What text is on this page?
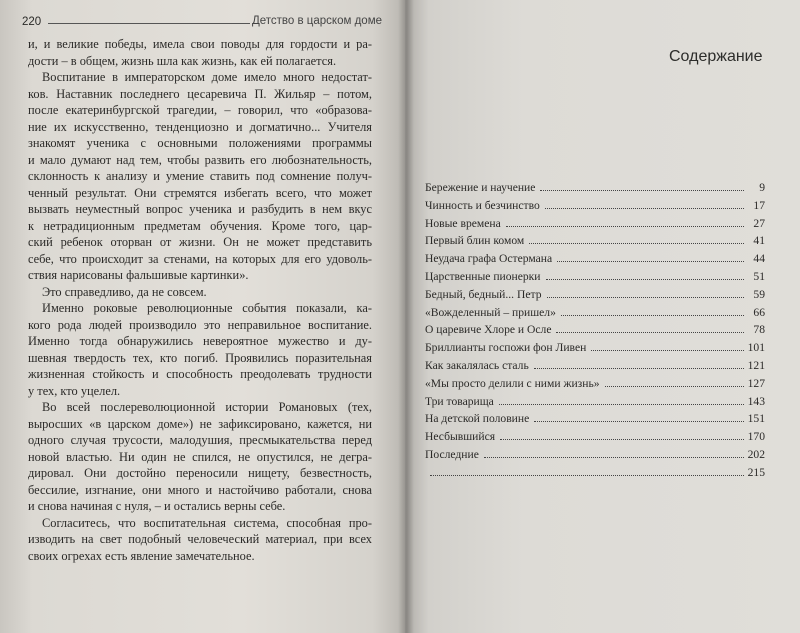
220	Детство в царском доме
и, и великие победы, имела свои поводы для гордости и ра-
дости – в общем, жизнь шла как жизнь, как ей полагается.
Воспитание в императорском доме имело много недостат-
ков. Наставник последнего цесаревича П. Жильяр – потом,
после екатеринбургской трагедии, – говорил, что «образова-
ние их искусственно, тенденциозно и догматично... Учителя
знакомят ученика с основными положениями программы
и мало думают над тем, чтобы развить его любознательность,
склонность к анализу и умение ставить под сомнение получ-
ченный результат. Они стремятся избегать всего, что может
вызвать неуместный вопрос ученика и разбудить в нем вкус
к нетрадиционным предметам обучения. Кроме того, цар-
ский ребенок оторван от жизни. Он не может представить
себе, что происходит за стенами, на которых для его удоволь-
ствия нарисованы фальшивые картинки».
Это справедливо, да не совсем.
Именно роковые революционные события показали, ка-
кого рода людей производило это неправильное воспитание.
Именно тогда обнаружились невероятное мужество и ду-
шевная твердость тех, кто погиб. Проявились поразительная
жизненная стойкость и способность преодолевать трудности
у тех, кто уцелел.
Во всей послереволюционной истории Романовых (тех,
выросших «в царском доме») не зафиксировано, кажется, ни
одного случая трусости, малодушия, пресмыкательства перед
новой властью. Ни один не спился, не опустился, не дегра-
дировал. Они достойно переносили нищету, безвестность,
бессилие, изгнание, они много и настойчиво работали, снова
и снова начиная с нуля, – и остались верны себе.
Согласитесь, что воспитательная система, способная про-
изводить на свет подобный человеческий материал, при всех
своих огрехах есть явление замечательное.
Содержание
Бережение и научение	9
Чинность и безчинство	17
Новые времена	27
Первый блин комом	41
Неудача графа Остермана	44
Царственные пионерки	51
Бедный, бедный... Петр	59
«Вожделенный – пришел»	66
О царевиче Хлоре и Осле	78
Бриллианты госпожи фон Ливен	101
Как закалялась сталь	121
«Мы просто делили с ними жизнь»	127
Три товарища	143
На детской половине	151
Несбывшийся	170
Последние	202
215
